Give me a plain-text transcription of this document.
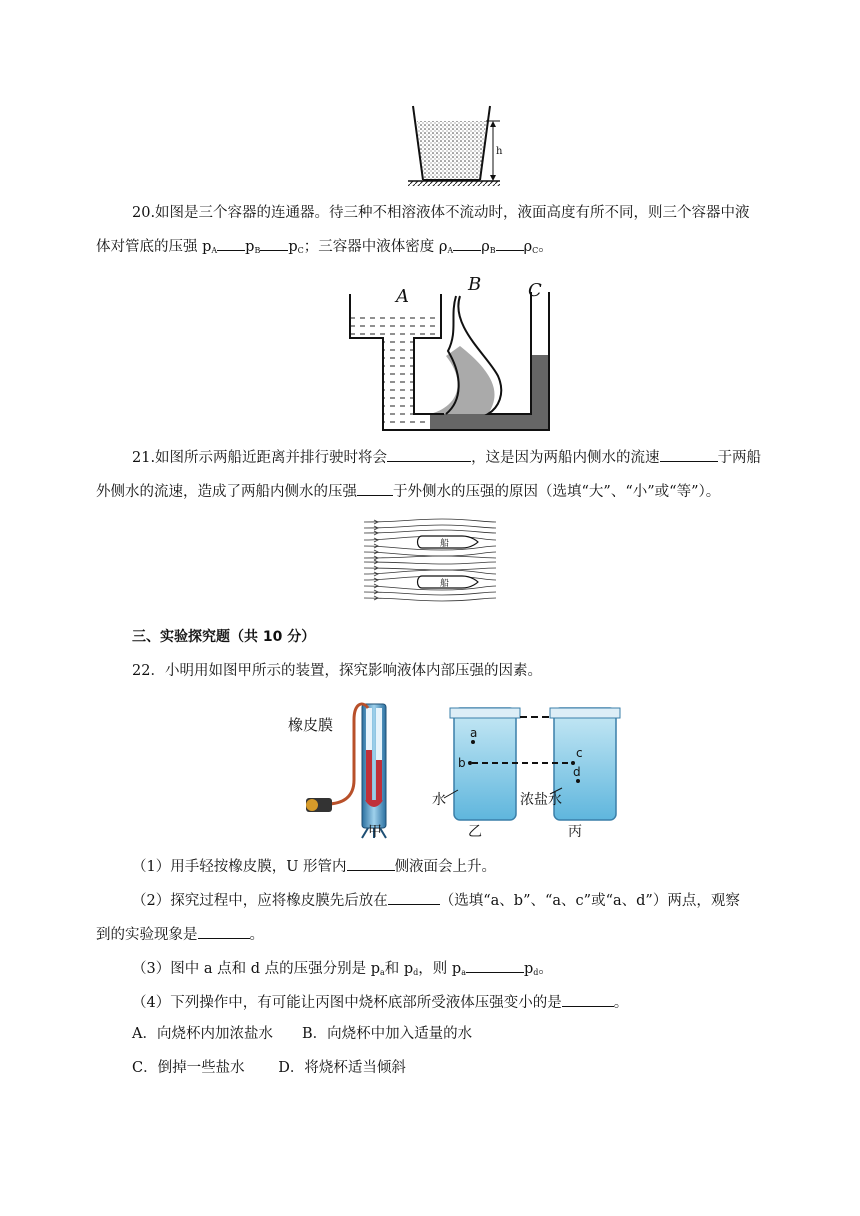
h
20.如图是三个容器的连通器。待三种不相溶液体不流动时，液面高度有所不同，则三个容器中液
体对管底的压强 $p_A$ $p_B$ $p_C$；三容器中液体密度 $\rho_A$ $\rho_B$ $\rho_C$。
A
B	C
21.如图所示两船近距离并排行驶时将会	，这是因为两船内侧水的流速	于两船
外侧水的流速，造成了两船内侧水的压强 于外侧水的压强的原因（选填“大”、“小”或“等”）。
船
船
三、实验探究题（共 10 分）
22．小明用如图甲所示的装置，探究影响液体内部压强的因素。
橡皮膜	a
b
c
d
水	浓盐水
甲	乙	丙
（1）用手轻按橡皮膜，U 形管内	侧液面会上升。
（2）探究过程中，应将橡皮膜先后放在	（选填“a、b”、“a、c”或“a、d”）两点，观察
到的实验现象是	。
（3）图中 a 点和 d 点的压强分别是 $p_a$和 $p_d$，则 $p_a$	$p_d$。
（4）下列操作中，有可能让丙图中烧杯底部所受液体压强变小的是	。
A．向烧杯内加浓盐水　　B．向烧杯中加入适量的水
C．倒掉一些盐水　　 D．将烧杯适当倾斜
